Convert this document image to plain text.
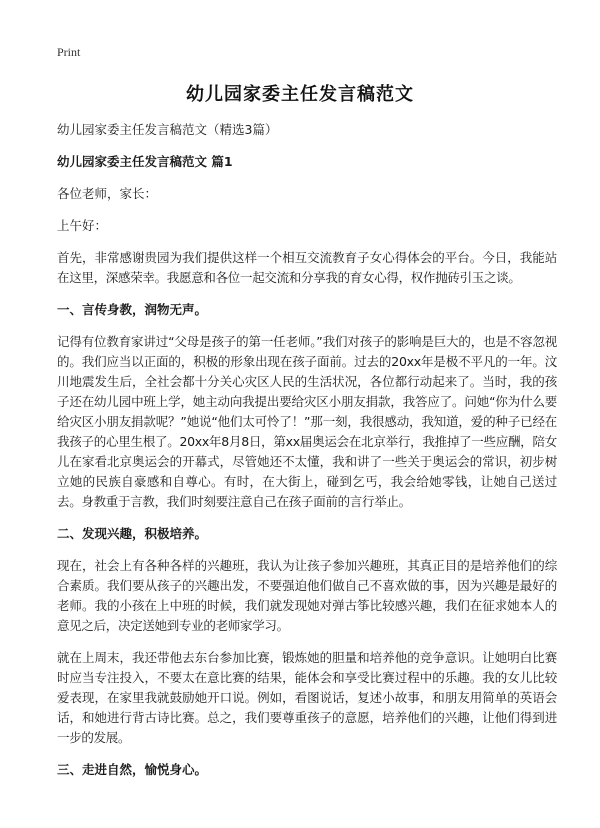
Print
幼儿园家委主任发言稿范文

幼儿园家委主任发言稿范文（精选3篇）

幼儿园家委主任发言稿范文 篇1

各位老师，家长：

上午好：

首先，非常感谢贵园为我们提供这样一个相互交流教育子女心得体会的平台。今日，我能站在这里，深感荣幸。我愿意和各位一起交流和分享我的育女心得，权作抛砖引玉之谈。

一、言传身教，润物无声。

记得有位教育家讲过“父母是孩子的第一任老师。”我们对孩子的影响是巨大的，也是不容忽视的。我们应当以正面的，积极的形象出现在孩子面前。过去的20xx年是极不平凡的一年。汶川地震发生后，全社会都十分关心灾区人民的生活状况，各位都行动起来了。当时，我的孩子还在幼儿园中班上学，她主动向我提出要给灾区小朋友捐款，我答应了。问她“你为什么要给灾区小朋友捐款呢？”她说“他们太可怜了！”那一刻，我很感动，我知道，爱的种子已经在我孩子的心里生根了。20xx年8月8日，第xx届奥运会在北京举行，我推掉了一些应酬，陪女儿在家看北京奥运会的开幕式，尽管她还不太懂，我和讲了一些关于奥运会的常识，初步树立她的民族自豪感和自尊心。有时，在大街上，碰到乞丐，我会给她零钱，让她自己送过去。身教重于言教，我们时刻要注意自己在孩子面前的言行举止。

二、发现兴趣，积极培养。

现在，社会上有各种各样的兴趣班，我认为让孩子参加兴趣班，其真正目的是培养他们的综合素质。我们要从孩子的兴趣出发，不要强迫他们做自己不喜欢做的事，因为兴趣是最好的老师。我的小孩在上中班的时候，我们就发现她对弹古筝比较感兴趣，我们在征求她本人的意见之后，决定送她到专业的老师家学习。

就在上周末，我还带他去东台参加比赛，锻炼她的胆量和培养他的竞争意识。让她明白比赛时应当专注投入，不要太在意比赛的结果，能体会和享受比赛过程中的乐趣。我的女儿比较爱表现，在家里我就鼓励她开口说。例如，看图说话，复述小故事，和朋友用简单的英语会话，和她进行背古诗比赛。总之，我们要尊重孩子的意愿，培养他们的兴趣，让他们得到进一步的发展。

三、走进自然，愉悦身心。
